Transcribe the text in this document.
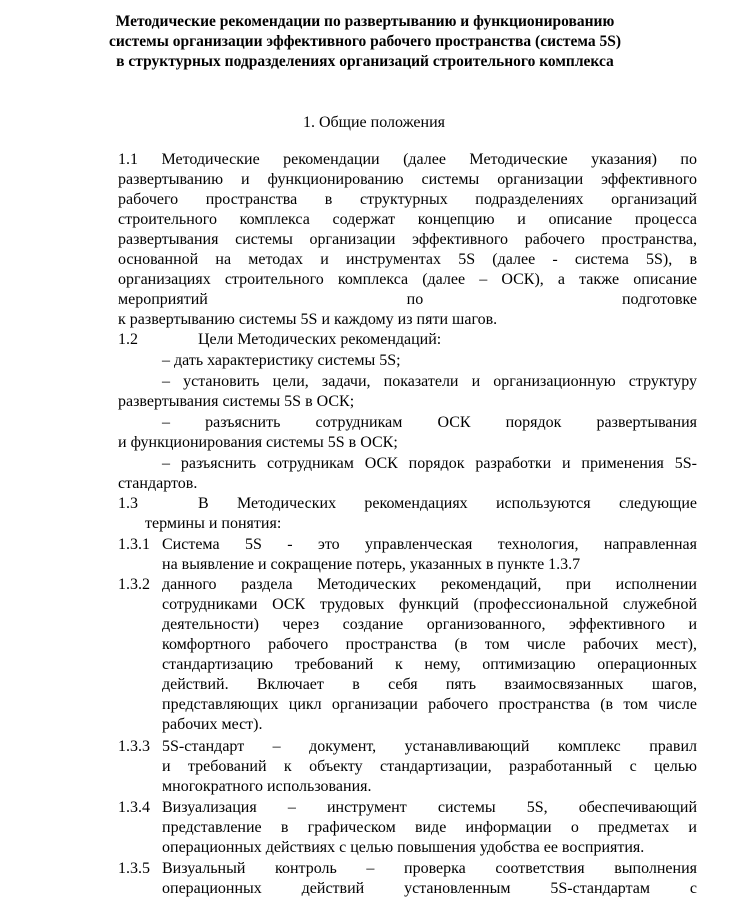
Методические рекомендации по развертыванию и функционированию
системы организации эффективного рабочего пространства (система 5S)
в структурных подразделениях организаций строительного комплекса
1. Общие положения
1.1 Методические рекомендации (далее Методические указания) по
развертыванию и функционированию системы организации эффективного
рабочего пространства в структурных подразделениях организаций
строительного комплекса содержат концепцию и описание процесса
развертывания системы организации эффективного рабочего пространства,
основанной на методах и инструментах 5S (далее - система 5S), в
организациях строительного комплекса (далее – ОСК), а также описание
мероприятий по подготовке
к развертыванию системы 5S и каждому из пяти шагов.
1.2	Цели Методических рекомендаций:
– дать характеристику системы 5S;
– установить цели, задачи, показатели и организационную структуру
развертывания системы 5S в ОСК;
– разъяснить сотрудникам ОСК порядок развертывания
и функционирования системы 5S в ОСК;
– разъяснить сотрудникам ОСК порядок разработки и применения 5S-
стандартов.
1.3	В Методических рекомендациях используются следующие
термины и понятия:
1.3.1 Система 5S - это управленческая технология, направленная
на выявление и сокращение потерь, указанных в пункте 1.3.7
1.3.2 данного раздела Методических рекомендаций, при исполнении
сотрудниками ОСК трудовых функций (профессиональной служебной
деятельности) через создание организованного, эффективного и
комфортного рабочего пространства (в том числе рабочих мест),
стандартизацию требований к нему, оптимизацию операционных
действий. Включает в себя пять взаимосвязанных шагов,
представляющих цикл организации рабочего пространства (в том числе
рабочих мест).
1.3.3 5S-стандарт – документ, устанавливающий комплекс правил
и требований к объекту стандартизации, разработанный с целью
многократного использования.
1.3.4 Визуализация – инструмент системы 5S, обеспечивающий
представление в графическом виде информации о предметах и
операционных действиях с целью повышения удобства ее восприятия.
1.3.5 Визуальный контроль – проверка соответствия выполнения
операционных действий установленным 5S-стандартам с
